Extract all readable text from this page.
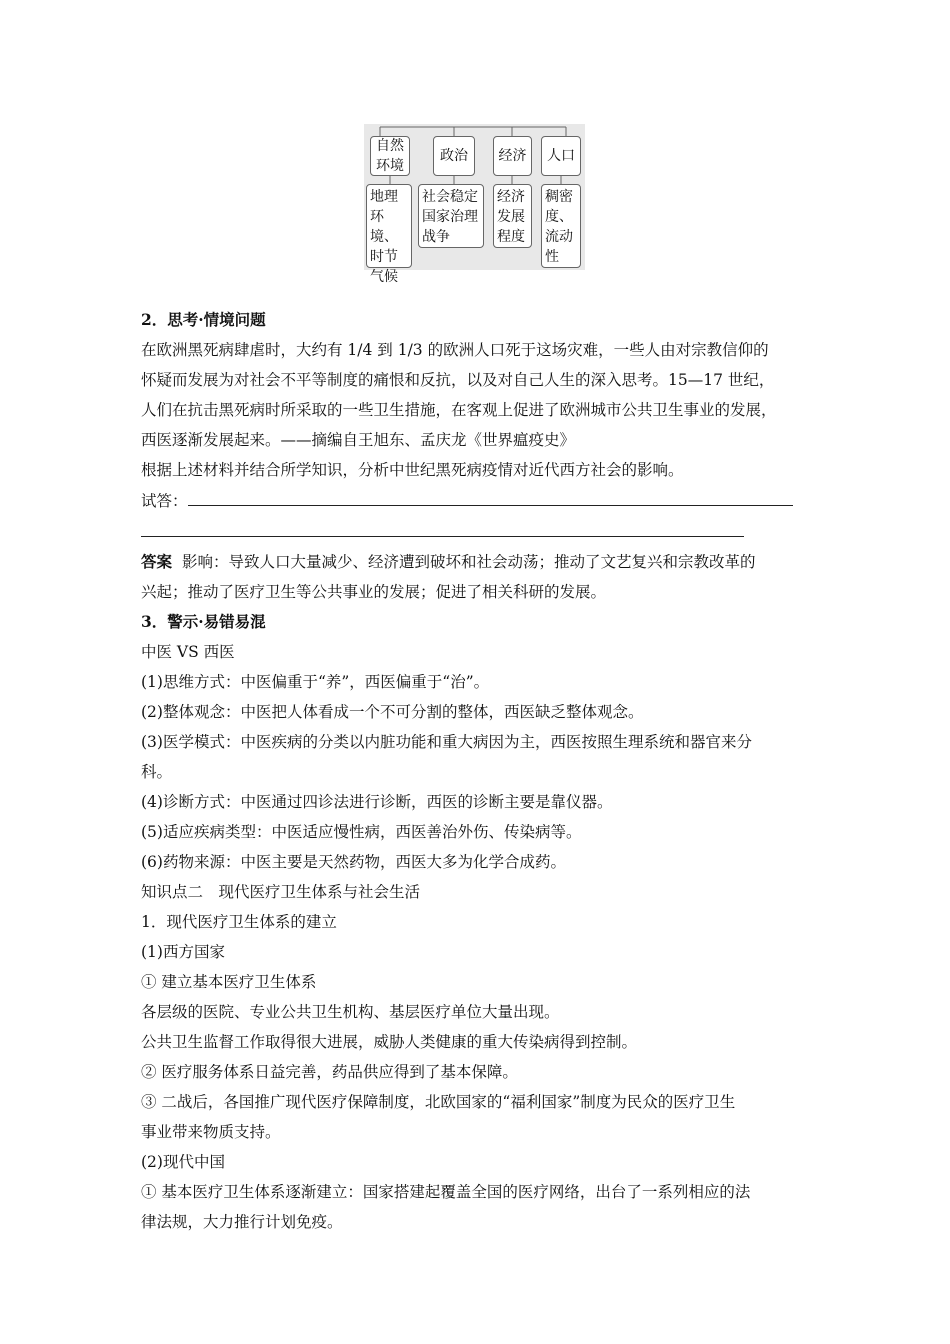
自然
环境
政治 经济 人口
地理
环境、
时节
气候
社会稳定
国家治理
战争
经济
发展
程度
稠密
度、
流动
性

2．思考·情境问题

在欧洲黑死病肆虐时，大约有 1/4 到 1/3 的欧洲人口死于这场灾难，一些人由对宗教信仰的

怀疑而发展为对社会不平等制度的痛恨和反抗，以及对自己人生的深入思考。15—17 世纪，

人们在抗击黑死病时所采取的一些卫生措施，在客观上促进了欧洲城市公共卫生事业的发展，

西医逐渐发展起来。——摘编自王旭东、孟庆龙《世界瘟疫史》

根据上述材料并结合所学知识，分析中世纪黑死病疫情对近代西方社会的影响。

试答：

答案 影响：导致人口大量减少、经济遭到破坏和社会动荡；推动了文艺复兴和宗教改革的

兴起；推动了医疗卫生等公共事业的发展；促进了相关科研的发展。

3．警示·易错易混

中医 VS 西医

(1)思维方式：中医偏重于“养”，西医偏重于“治”。

(2)整体观念：中医把人体看成一个不可分割的整体，西医缺乏整体观念。

(3)医学模式：中医疾病的分类以内脏功能和重大病因为主，西医按照生理系统和器官来分

科。

(4)诊断方式：中医通过四诊法进行诊断，西医的诊断主要是靠仪器。

(5)适应疾病类型：中医适应慢性病，西医善治外伤、传染病等。

(6)药物来源：中医主要是天然药物，西医大多为化学合成药。

知识点二　现代医疗卫生体系与社会生活

1．现代医疗卫生体系的建立

(1)西方国家

① 建立基本医疗卫生体系

各层级的医院、专业公共卫生机构、基层医疗单位大量出现。

公共卫生监督工作取得很大进展，威胁人类健康的重大传染病得到控制。

② 医疗服务体系日益完善，药品供应得到了基本保障。

③ 二战后，各国推广现代医疗保障制度，北欧国家的“福利国家”制度为民众的医疗卫生

事业带来物质支持。

(2)现代中国

① 基本医疗卫生体系逐渐建立：国家搭建起覆盖全国的医疗网络，出台了一系列相应的法

律法规，大力推行计划免疫。
